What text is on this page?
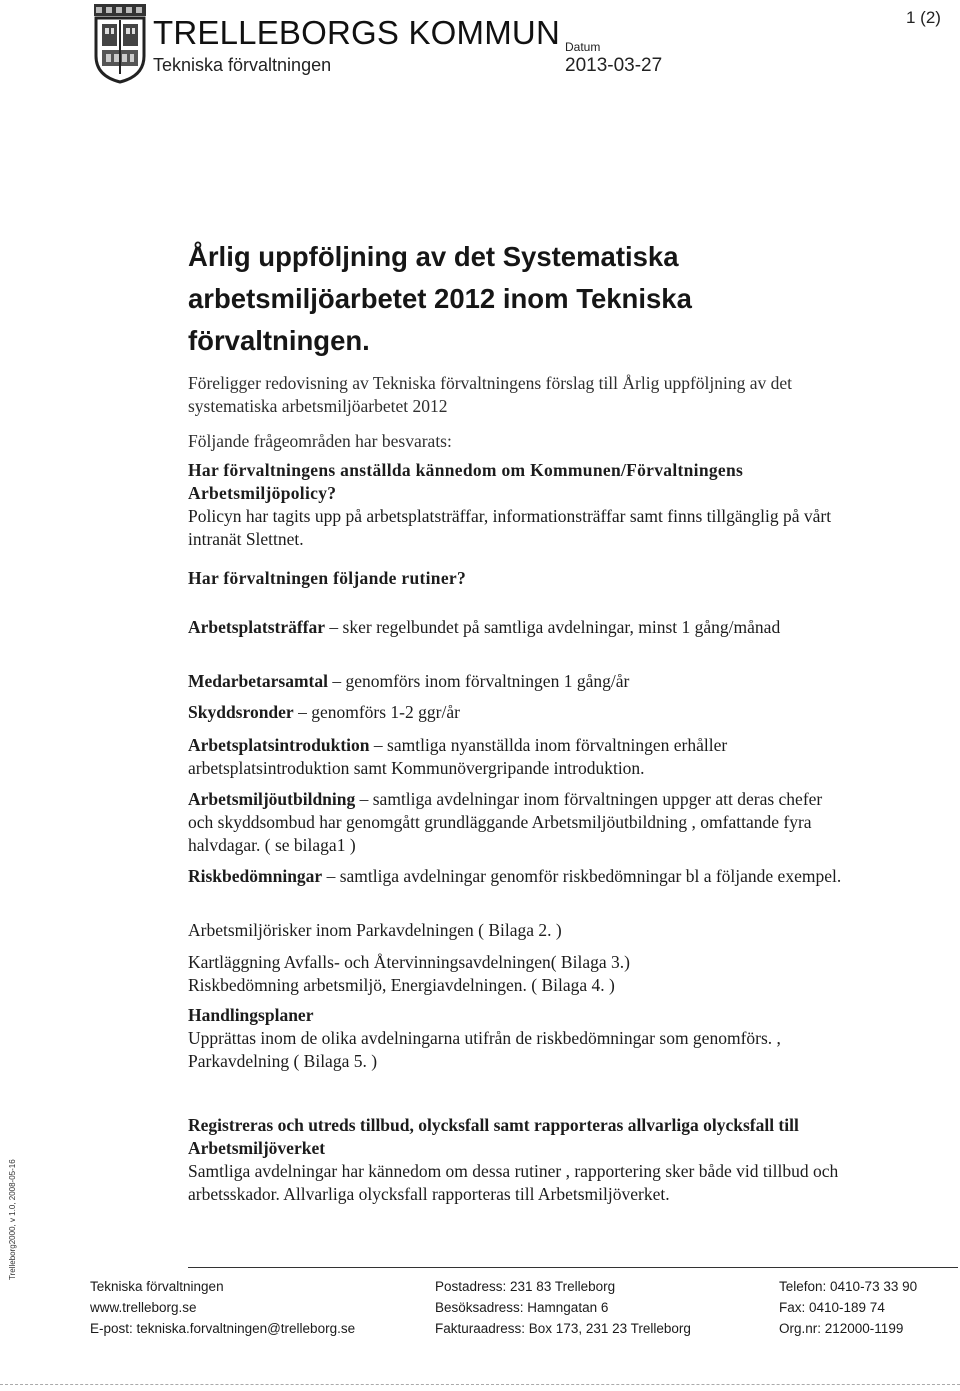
TRELLEBORGS KOMMUN
Tekniska förvaltningen
Datum
2013-03-27
1 (2)
Årlig uppföljning av det Systematiska arbetsmiljöarbetet 2012 inom Tekniska förvaltningen.

Föreligger redovisning av Tekniska förvaltningens förslag till Årlig uppföljning av det systematiska arbetsmiljöarbetet 2012

Följande frågeområden har besvarats:

Har förvaltningens anställda kännedom om Kommunen/Förvaltningens Arbetsmiljöpolicy?

Policyn har tagits upp på arbetsplatsträffar, informationsträffar samt finns tillgänglig på vårt intranät Slettnet.

Har förvaltningen följande rutiner?

Arbetsplatsträffar – sker regelbundet på samtliga avdelningar, minst 1 gång/månad

Medarbetarsamtal – genomförs inom förvaltningen 1 gång/år

Skyddsronder – genomförs 1-2 ggr/år

Arbetsplatsintroduktion – samtliga nyanställda inom förvaltningen erhåller arbetsplatsintroduktion samt Kommunövergripande introduktion.

Arbetsmiljöutbildning – samtliga avdelningar inom förvaltningen uppger att deras chefer och skyddsombud har genomgått grundläggande Arbetsmiljöutbildning , omfattande fyra halvdagar. ( se bilaga1 )

Riskbedömningar – samtliga avdelningar genomför riskbedömningar bl a följande exempel.

Arbetsmiljörisker inom Parkavdelningen ( Bilaga 2. )

Kartläggning Avfalls- och Återvinningsavdelningen( Bilaga 3.)

Riskbedömning arbetsmiljö, Energiavdelningen. ( Bilaga 4. )

Handlingsplaner

Upprättas inom de olika avdelningarna utifrån de riskbedömningar som genomförs. , Parkavdelning ( Bilaga 5. )

Registreras och utreds tillbud, olycksfall samt rapporteras allvarliga olycksfall till Arbetsmiljöverket

Samtliga avdelningar har kännedom om dessa rutiner , rapportering sker både vid tillbud och arbetsskador. Allvarliga olycksfall rapporteras till Arbetsmiljöverket.

Trelleborg2000, v 1.0, 2008-05-16
Tekniska förvaltningen
www.trelleborg.se
E-post: tekniska.forvaltningen@trelleborg.se
Postadress: 231 83 Trelleborg
Besöksadress: Hamngatan 6
Fakturaadress: Box 173, 231 23 Trelleborg
Telefon: 0410-73 33 90
Fax: 0410-189 74
Org.nr: 212000-1199
